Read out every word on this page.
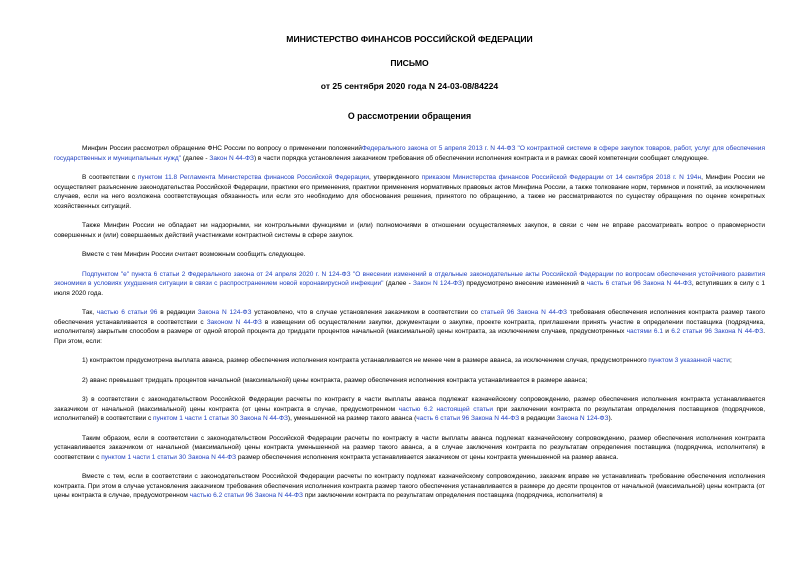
МИНИСТЕРСТВО ФИНАНСОВ РОССИЙСКОЙ ФЕДЕРАЦИИ
ПИСЬМО
от 25 сентября 2020 года N 24-03-08/84224
О рассмотрении обращения

Минфин России рассмотрел обращение ФНС России по вопросу о применении положенийФедерального закона от 5 апреля 2013 г. N 44-ФЗ "О контрактной системе в сфере закупок товаров, работ, услуг для обеспечения государственных и муниципальных нужд" (далее - Закон N 44-ФЗ) в части порядка установления заказчиком требования об обеспечении исполнения контракта и в рамках своей компетенции сообщает следующее.

В соответствии с пунктом 11.8 Регламента Министерства финансов Российской Федерации, утвержденного приказом Министерства финансов Российской Федерации от 14 сентября 2018 г. N 194н, Минфин России не осуществляет разъяснение законодательства Российской Федерации, практики его применения, практики применения нормативных правовых актов Минфина России, а также толкование норм, терминов и понятий, за исключением случаев, если на него возложена соответствующая обязанность или если это необходимо для обоснования решения, принятого по обращению, а также не рассматриваются по существу обращения по оценке конкретных хозяйственных ситуаций.

Также Минфин России не обладает ни надзорными, ни контрольными функциями и (или) полномочиями в отношении осуществляемых закупок, в связи с чем не вправе рассматривать вопрос о правомерности совершенных и (или) совершаемых действий участниками контрактной системы в сфере закупок.

Вместе с тем Минфин России считает возможным сообщить следующее.

Подпунктом "е" пункта 6 статьи 2 Федерального закона от 24 апреля 2020 г. N 124-ФЗ "О внесении изменений в отдельные законодательные акты Российской Федерации по вопросам обеспечения устойчивого развития экономики в условиях ухудшения ситуации в связи с распространением новой коронавирусной инфекции" (далее - Закон N 124-ФЗ) предусмотрено внесение изменений в часть 6 статьи 96 Закона N 44-ФЗ, вступивших в силу с 1 июля 2020 года.

Так, частью 6 статьи 96 в редакции Закона N 124-ФЗ установлено, что в случае установления заказчиком в соответствии со статьей 96 Закона N 44-ФЗ требования обеспечения исполнения контракта размер такого обеспечения устанавливается в соответствии с Законом N 44-ФЗ в извещении об осуществлении закупки, документации о закупке, проекте контракта, приглашении принять участие в определении поставщика (подрядчика, исполнителя) закрытым способом в размере от одной второй процента до тридцати процентов начальной (максимальной) цены контракта, за исключением случаев, предусмотренных частями 6.1 и 6.2 статьи 96 Закона N 44-ФЗ. При этом, если:

1) контрактом предусмотрена выплата аванса, размер обеспечения исполнения контракта устанавливается не менее чем в размере аванса, за исключением случая, предусмотренного пунктом 3 указанной части;

2) аванс превышает тридцать процентов начальной (максимальной) цены контракта, размер обеспечения исполнения контракта устанавливается в размере аванса;

3) в соответствии с законодательством Российской Федерации расчеты по контракту в части выплаты аванса подлежат казначейскому сопровождению, размер обеспечения исполнения контракта устанавливается заказчиком от начальной (максимальной) цены контракта (от цены контракта в случае, предусмотренном частью 6.2 настоящей статьи при заключении контракта по результатам определения поставщиков (подрядчиков, исполнителей) в соответствии с пунктом 1 части 1 статьи 30 Закона N 44-ФЗ), уменьшенной на размер такого аванса (часть 6 статьи 96 Закона N 44-ФЗ в редакции Закона N 124-ФЗ).

Таким образом, если в соответствии с законодательством Российской Федерации расчеты по контракту в части выплаты аванса подлежат казначейскому сопровождению, размер обеспечения исполнения контракта устанавливается заказчиком от начальной (максимальной) цены контракта уменьшенной на размер такого аванса, а в случае заключения контракта по результатам определения поставщика (подрядчика, исполнителя) в соответствии с пунктом 1 части 1 статьи 30 Закона N 44-ФЗ размер обеспечения исполнения контракта устанавливается заказчиком от цены контракта уменьшенной на размер аванса.

Вместе с тем, если в соответствии с законодательством Российской Федерации расчеты по контракту подлежат казначейскому сопровождению, заказчик вправе не устанавливать требование обеспечения исполнения контракта. При этом в случае установления заказчиком требования обеспечения исполнения контракта размер такого обеспечения устанавливается в размере до десяти процентов от начальной (максимальной) цены контракта (от цены контракта в случае, предусмотренном частью 6.2 статьи 96 Закона N 44-ФЗ при заключении контракта по результатам определения поставщика (подрядчика, исполнителя) в
